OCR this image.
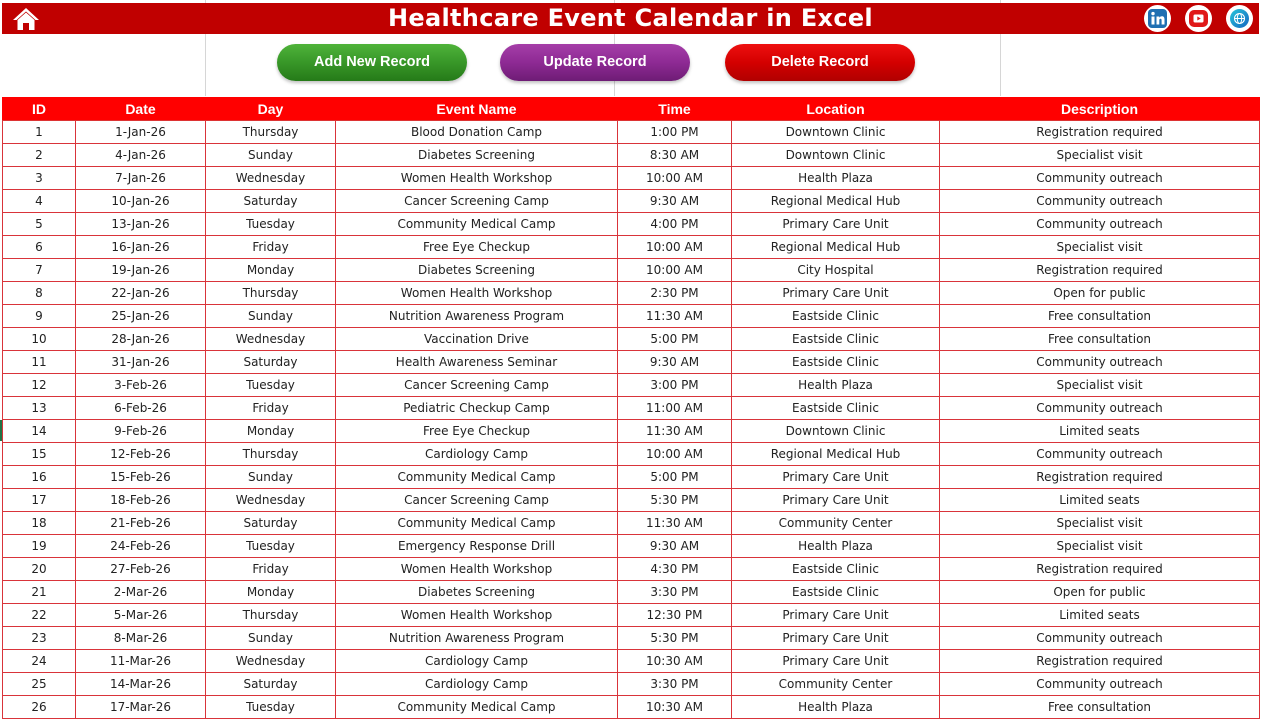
Healthcare Event Calendar in Excel
Add New Record	Update Record	Delete Record
ID	Date	Day	Event Name	Time	Location	Description
1	1-Jan-26	Thursday	Blood Donation Camp	1:00 PM	Downtown Clinic	Registration required
2	4-Jan-26	Sunday	Diabetes Screening	8:30 AM	Downtown Clinic	Specialist visit
3	7-Jan-26	Wednesday	Women Health Workshop	10:00 AM	Health Plaza	Community outreach
4	10-Jan-26	Saturday	Cancer Screening Camp	9:30 AM	Regional Medical Hub	Community outreach
5	13-Jan-26	Tuesday	Community Medical Camp	4:00 PM	Primary Care Unit	Community outreach
6	16-Jan-26	Friday	Free Eye Checkup	10:00 AM	Regional Medical Hub	Specialist visit
7	19-Jan-26	Monday	Diabetes Screening	10:00 AM	City Hospital	Registration required
8	22-Jan-26	Thursday	Women Health Workshop	2:30 PM	Primary Care Unit	Open for public
9	25-Jan-26	Sunday	Nutrition Awareness Program	11:30 AM	Eastside Clinic	Free consultation
10	28-Jan-26	Wednesday	Vaccination Drive	5:00 PM	Eastside Clinic	Free consultation
11	31-Jan-26	Saturday	Health Awareness Seminar	9:30 AM	Eastside Clinic	Community outreach
12	3-Feb-26	Tuesday	Cancer Screening Camp	3:00 PM	Health Plaza	Specialist visit
13	6-Feb-26	Friday	Pediatric Checkup Camp	11:00 AM	Eastside Clinic	Community outreach
14	9-Feb-26	Monday	Free Eye Checkup	11:30 AM	Downtown Clinic	Limited seats
15	12-Feb-26	Thursday	Cardiology Camp	10:00 AM	Regional Medical Hub	Community outreach
16	15-Feb-26	Sunday	Community Medical Camp	5:00 PM	Primary Care Unit	Registration required
17	18-Feb-26	Wednesday	Cancer Screening Camp	5:30 PM	Primary Care Unit	Limited seats
18	21-Feb-26	Saturday	Community Medical Camp	11:30 AM	Community Center	Specialist visit
19	24-Feb-26	Tuesday	Emergency Response Drill	9:30 AM	Health Plaza	Specialist visit
20	27-Feb-26	Friday	Women Health Workshop	4:30 PM	Eastside Clinic	Registration required
21	2-Mar-26	Monday	Diabetes Screening	3:30 PM	Eastside Clinic	Open for public
22	5-Mar-26	Thursday	Women Health Workshop	12:30 PM	Primary Care Unit	Limited seats
23	8-Mar-26	Sunday	Nutrition Awareness Program	5:30 PM	Primary Care Unit	Community outreach
24	11-Mar-26	Wednesday	Cardiology Camp	10:30 AM	Primary Care Unit	Registration required
25	14-Mar-26	Saturday	Cardiology Camp	3:30 PM	Community Center	Community outreach
26	17-Mar-26	Tuesday	Community Medical Camp	10:30 AM	Health Plaza	Free consultation
